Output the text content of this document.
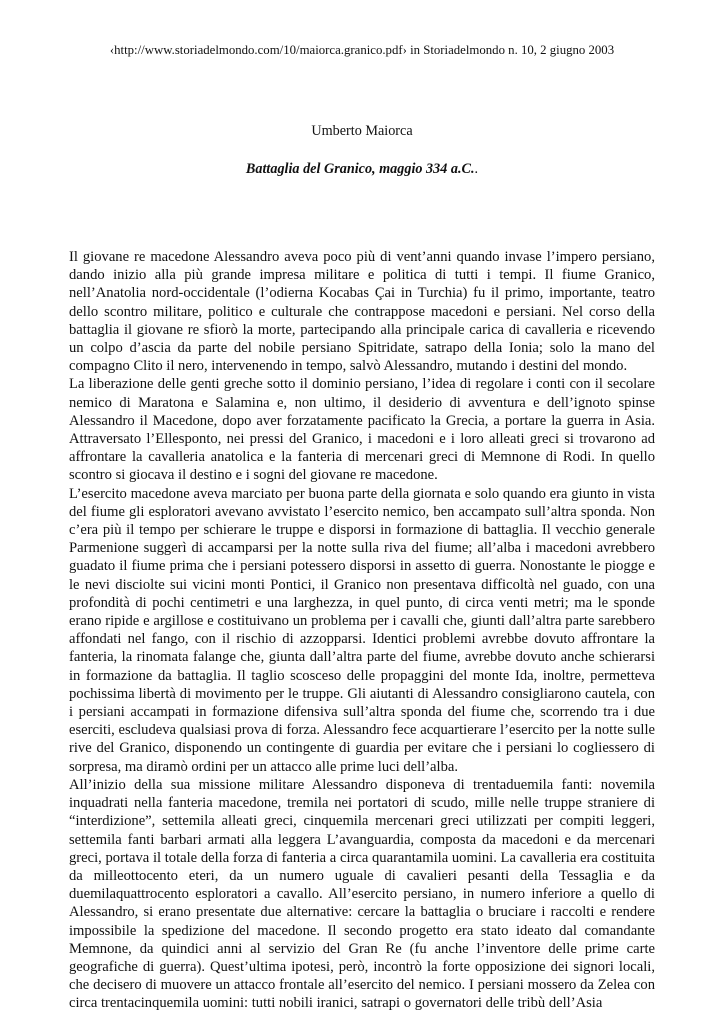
‹http://www.storiadelmondo.com/10/maiorca.granico.pdf› in Storiadelmondo n. 10, 2 giugno 2003
Umberto Maiorca
Battaglia del Granico, maggio 334 a.C..

Il giovane re macedone Alessandro aveva poco più di vent’anni quando invase l’impero persiano, dando inizio alla più grande impresa militare e politica di tutti i tempi. Il fiume Granico, nell’Anatolia nord-occidentale (l’odierna Kocabas Çai in Turchia) fu il primo, importante, teatro dello scontro militare, politico e culturale che contrappose macedoni e persiani. Nel corso della battaglia il giovane re sfiorò la morte, partecipando alla principale carica di cavalleria e ricevendo un colpo d’ascia da parte del nobile persiano Spitridate, satrapo della Ionia; solo la mano del compagno Clito il nero, intervenendo in tempo, salvò Alessandro, mutando i destini del mondo.

La liberazione delle genti greche sotto il dominio persiano, l’idea di regolare i conti con il secolare nemico di Maratona e Salamina e, non ultimo, il desiderio di avventura e dell’ignoto spinse Alessandro il Macedone, dopo aver forzatamente pacificato la Grecia, a portare la guerra in Asia. Attraversato l’Ellesponto, nei pressi del Granico, i macedoni e i loro alleati greci si trovarono ad affrontare la cavalleria anatolica e la fanteria di mercenari greci di Memnone di Rodi. In quello scontro si giocava il destino e i sogni del giovane re macedone.

L’esercito macedone aveva marciato per buona parte della giornata e solo quando era giunto in vista del fiume gli esploratori avevano avvistato l’esercito nemico, ben accampato sull’altra sponda. Non c’era più il tempo per schierare le truppe e disporsi in formazione di battaglia. Il vecchio generale Parmenione suggerì di accamparsi per la notte sulla riva del fiume; all’alba i macedoni avrebbero guadato il fiume prima che i persiani potessero disporsi in assetto di guerra. Nonostante le piogge e le nevi disciolte sui vicini monti Pontici, il Granico non presentava difficoltà nel guado, con una profondità di pochi centimetri e una larghezza, in quel punto, di circa venti metri; ma le sponde erano ripide e argillose e costituivano un problema per i cavalli che, giunti dall’altra parte sarebbero affondati nel fango, con il rischio di azzopparsi. Identici problemi avrebbe dovuto affrontare la fanteria, la rinomata falange che, giunta dall’altra parte del fiume, avrebbe dovuto anche schierarsi in formazione da battaglia. Il taglio scosceso delle propaggini del monte Ida, inoltre, permetteva pochissima libertà di movimento per le truppe. Gli aiutanti di Alessandro consigliarono cautela, con i persiani accampati in formazione difensiva sull’altra sponda del fiume che, scorrendo tra i due eserciti, escludeva qualsiasi prova di forza. Alessandro fece acquartierare l’esercito per la notte sulle rive del Granico, disponendo un contingente di guardia per evitare che i persiani lo cogliessero di sorpresa, ma diramò ordini per un attacco alle prime luci dell’alba.

All’inizio della sua missione militare Alessandro disponeva di trentaduemila fanti: novemila inquadrati nella fanteria macedone, tremila nei portatori di scudo, mille nelle truppe straniere di “interdizione”, settemila alleati greci, cinquemila mercenari greci utilizzati per compiti leggeri, settemila fanti barbari armati alla leggera L’avanguardia, composta da macedoni e da mercenari greci, portava il totale della forza di fanteria a circa quarantamila uomini. La cavalleria era costituita da milleottocento eteri, da un numero uguale di cavalieri pesanti della Tessaglia e da duemilaquattrocento esploratori a cavallo. All’esercito persiano, in numero inferiore a quello di Alessandro, si erano presentate due alternative: cercare la battaglia o bruciare i raccolti e rendere impossibile la spedizione del macedone. Il secondo progetto era stato ideato dal comandante Memnone, da quindici anni al servizio del Gran Re (fu anche l’inventore delle prime carte geografiche di guerra). Quest’ultima ipotesi, però, incontrò la forte opposizione dei signori locali, che decisero di muovere un attacco frontale all’esercito del nemico. I persiani mossero da Zelea con circa trentacinquemila uomini: tutti nobili iranici, satrapi o governatori delle tribù dell’Asia
